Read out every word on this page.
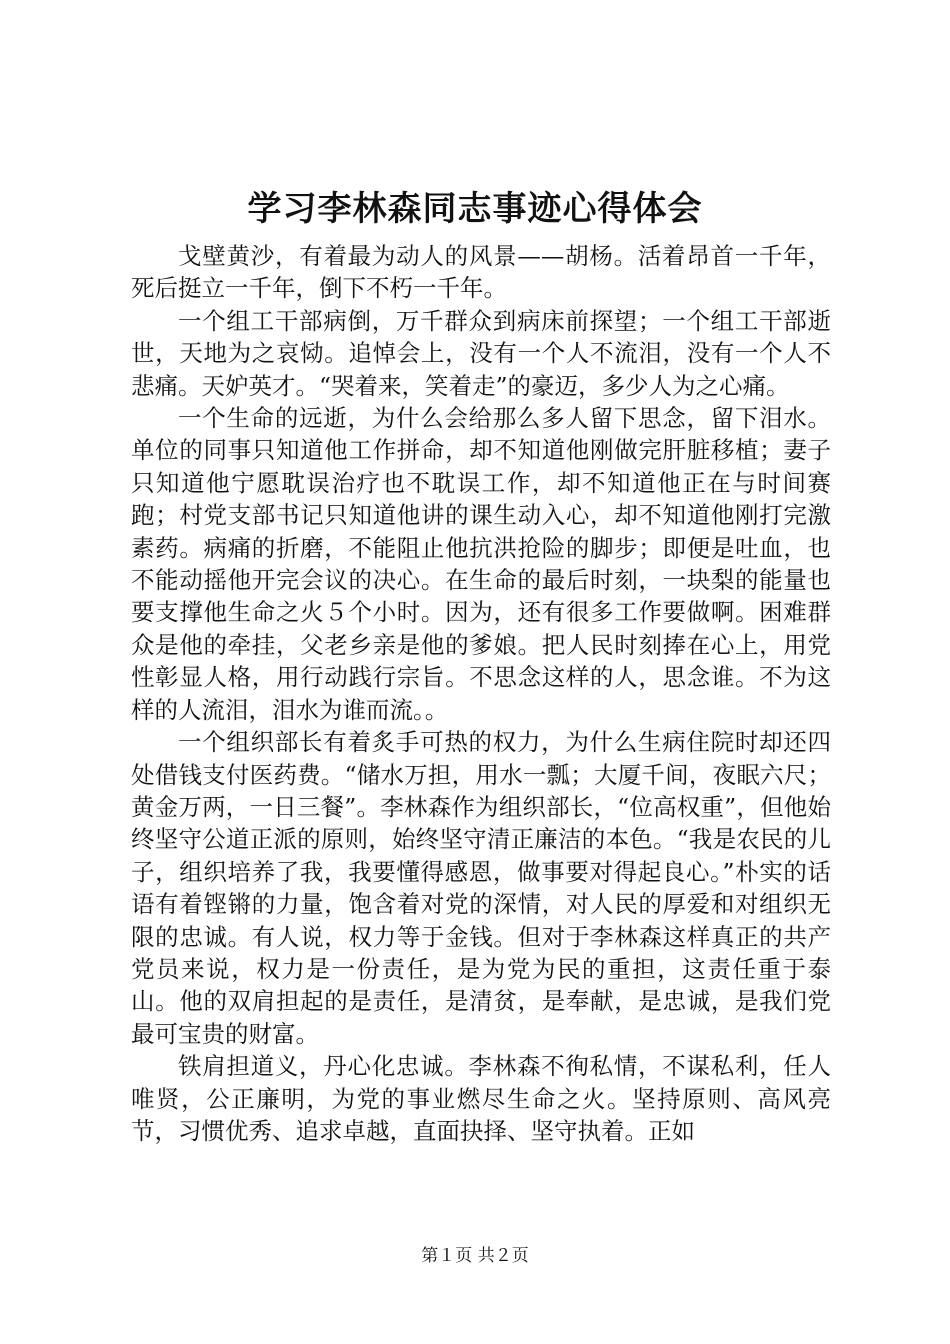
学习李林森同志事迹心得体会

戈壁黄沙，有着最为动人的风景——胡杨。活着昂首一千年，死后挺立一千年，倒下不朽一千年。

一个组工干部病倒，万千群众到病床前探望；一个组工干部逝世，天地为之哀恸。追悼会上，没有一个人不流泪，没有一个人不悲痛。天妒英才。“哭着来，笑着走”的豪迈，多少人为之心痛。

一个生命的远逝，为什么会给那么多人留下思念，留下泪水。单位的同事只知道他工作拼命，却不知道他刚做完肝脏移植；妻子只知道他宁愿耽误治疗也不耽误工作，却不知道他正在与时间赛跑；村党支部书记只知道他讲的课生动入心，却不知道他刚打完激素药。病痛的折磨，不能阻止他抗洪抢险的脚步；即便是吐血，也不能动摇他开完会议的决心。在生命的最后时刻，一块梨的能量也要支撑他生命之火５个小时。因为，还有很多工作要做啊。困难群众是他的牵挂，父老乡亲是他的爹娘。把人民时刻捧在心上，用党性彰显人格，用行动践行宗旨。不思念这样的人，思念谁。不为这样的人流泪，泪水为谁而流。。

一个组织部长有着炙手可热的权力，为什么生病住院时却还四处借钱支付医药费。“储水万担，用水一瓢；大厦千间，夜眠六尺；黄金万两，一日三餐”。李林森作为组织部长，“位高权重”，但他始终坚守公道正派的原则，始终坚守清正廉洁的本色。“我是农民的儿子，组织培养了我，我要懂得感恩，做事要对得起良心。”朴实的话语有着铿锵的力量，饱含着对党的深情，对人民的厚爱和对组织无限的忠诚。有人说，权力等于金钱。但对于李林森这样真正的共产党员来说，权力是一份责任，是为党为民的重担，这责任重于泰山。他的双肩担起的是责任，是清贫，是奉献，是忠诚，是我们党最可宝贵的财富。

铁肩担道义，丹心化忠诚。李林森不徇私情，不谋私利，任人唯贤，公正廉明，为党的事业燃尽生命之火。坚持原则、高风亮节，习惯优秀、追求卓越，直面抉择、坚守执着。正如

第１页 共２页
